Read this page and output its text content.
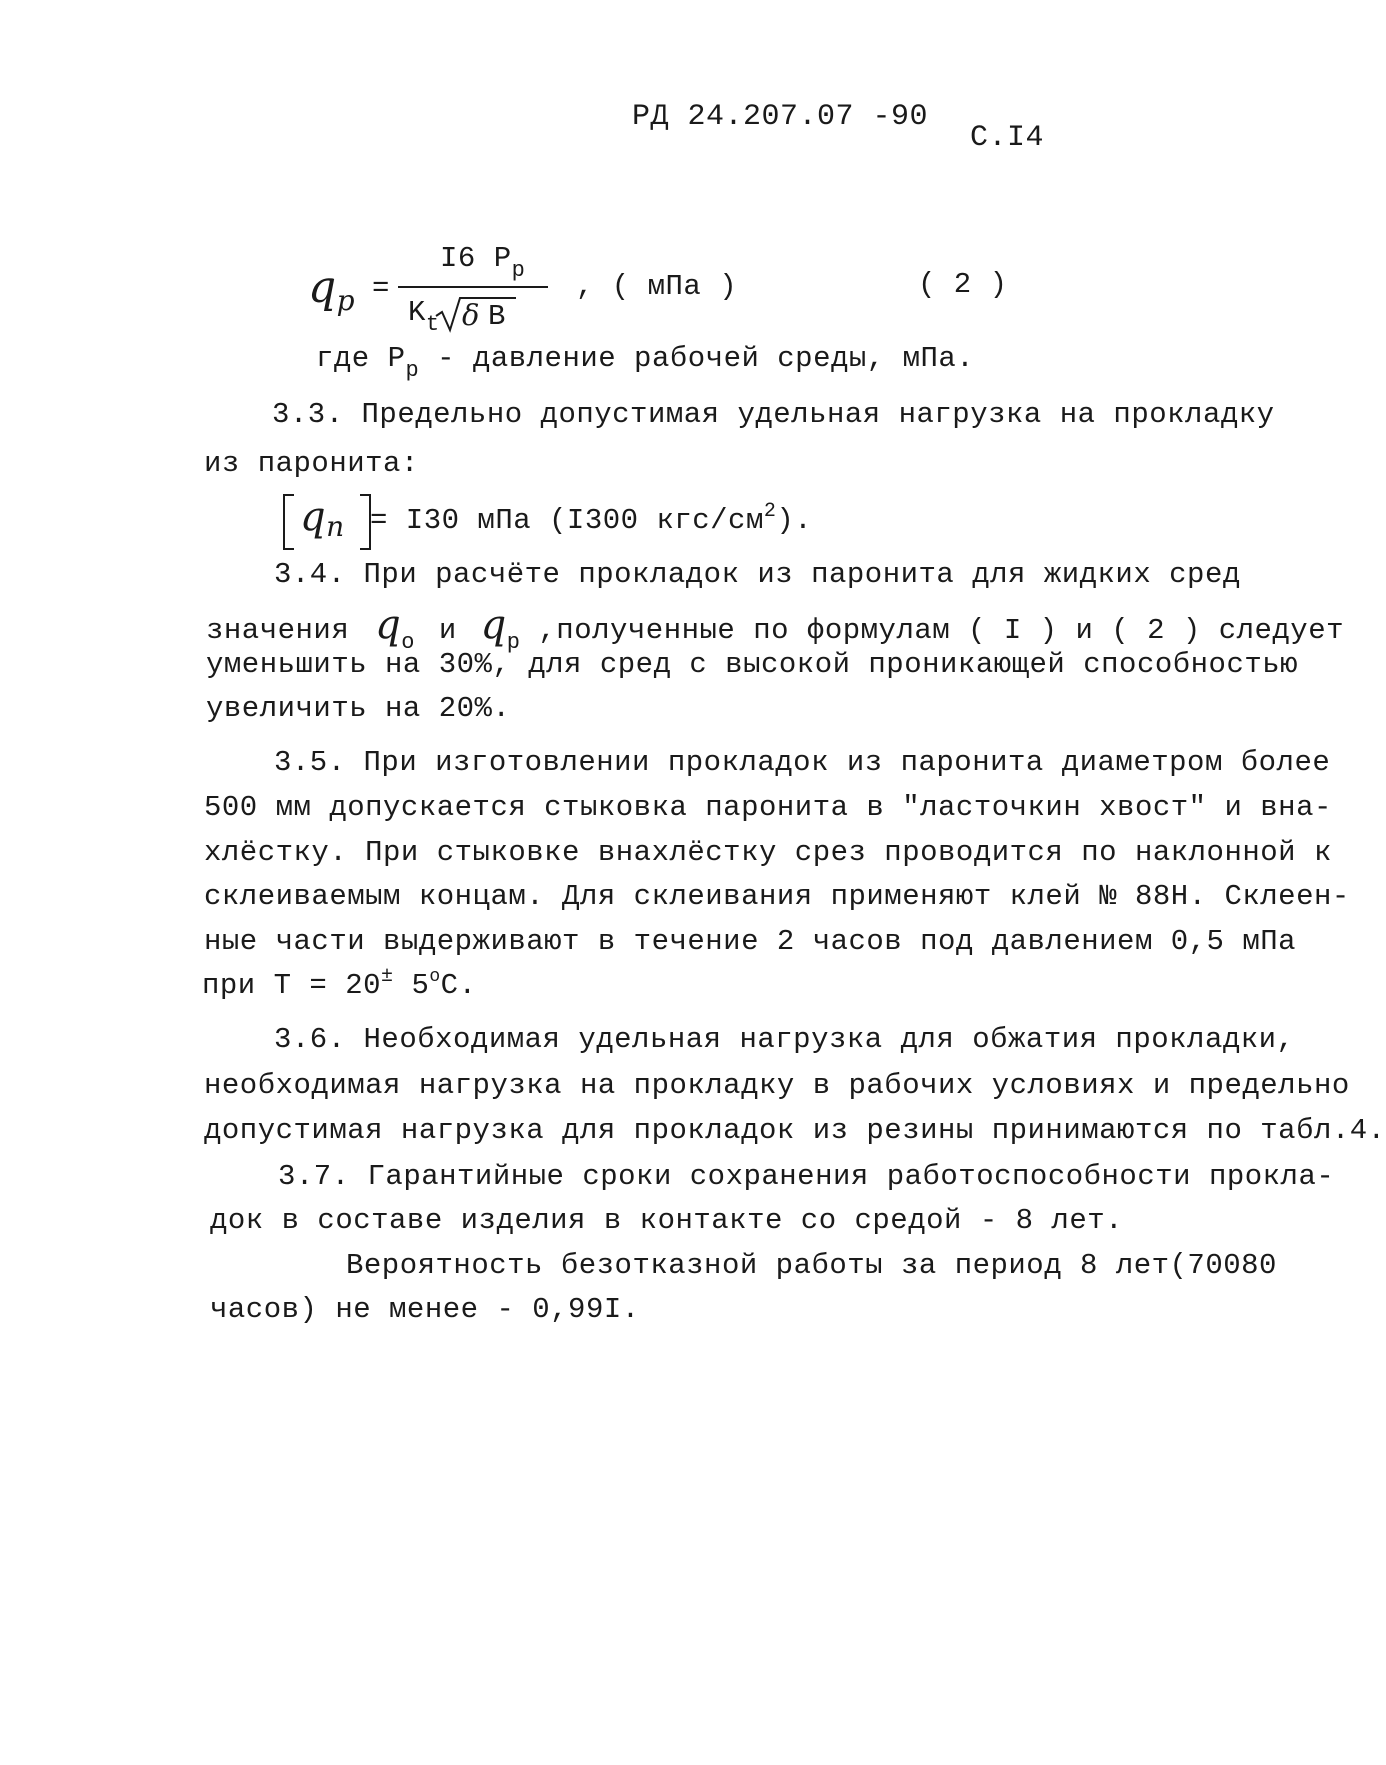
РД 24.207.07 -90
С.I4
qp =
I6 $P_p$
$K_t$ δ B
, ( мПа )	( 2 )
где $P_p$ - давление рабочей среды, мПа.
3.3. Предельно допустимая удельная нагрузка на прокладку
из паронита:
qn = I30 мПа (I300 кгс/$см^2$).
3.4. При расчёте прокладок из паронита для жидких сред
значения $q_o$ и $q_p$ ,полученные по формулам ( I ) и ( 2 ) следует
уменьшить на 30%, для сред с высокой проникающей способностью
увеличить на 20%.
3.5. При изготовлении прокладок из паронита диаметром более
500 мм допускается стыковка паронита в "ласточкин хвост" и вна-
хлёстку. При стыковке внахлёстку срез проводится по наклонной к
склеиваемым концам. Для склеивания применяют клей № 88Н. Склеен-
ные части выдерживают в течение 2 часов под давлением 0,5 мПа
при Т = 20± 5$^o$С.
3.6. Необходимая удельная нагрузка для обжатия прокладки,
необходимая нагрузка на прокладку в рабочих условиях и предельно
допустимая нагрузка для прокладок из резины принимаются по табл.4.
3.7. Гарантийные сроки сохранения работоспособности прокла-
док в составе изделия в контакте со средой - 8 лет.
Вероятность безотказной работы за период 8 лет(70080
часов) не менее - 0,99I.
